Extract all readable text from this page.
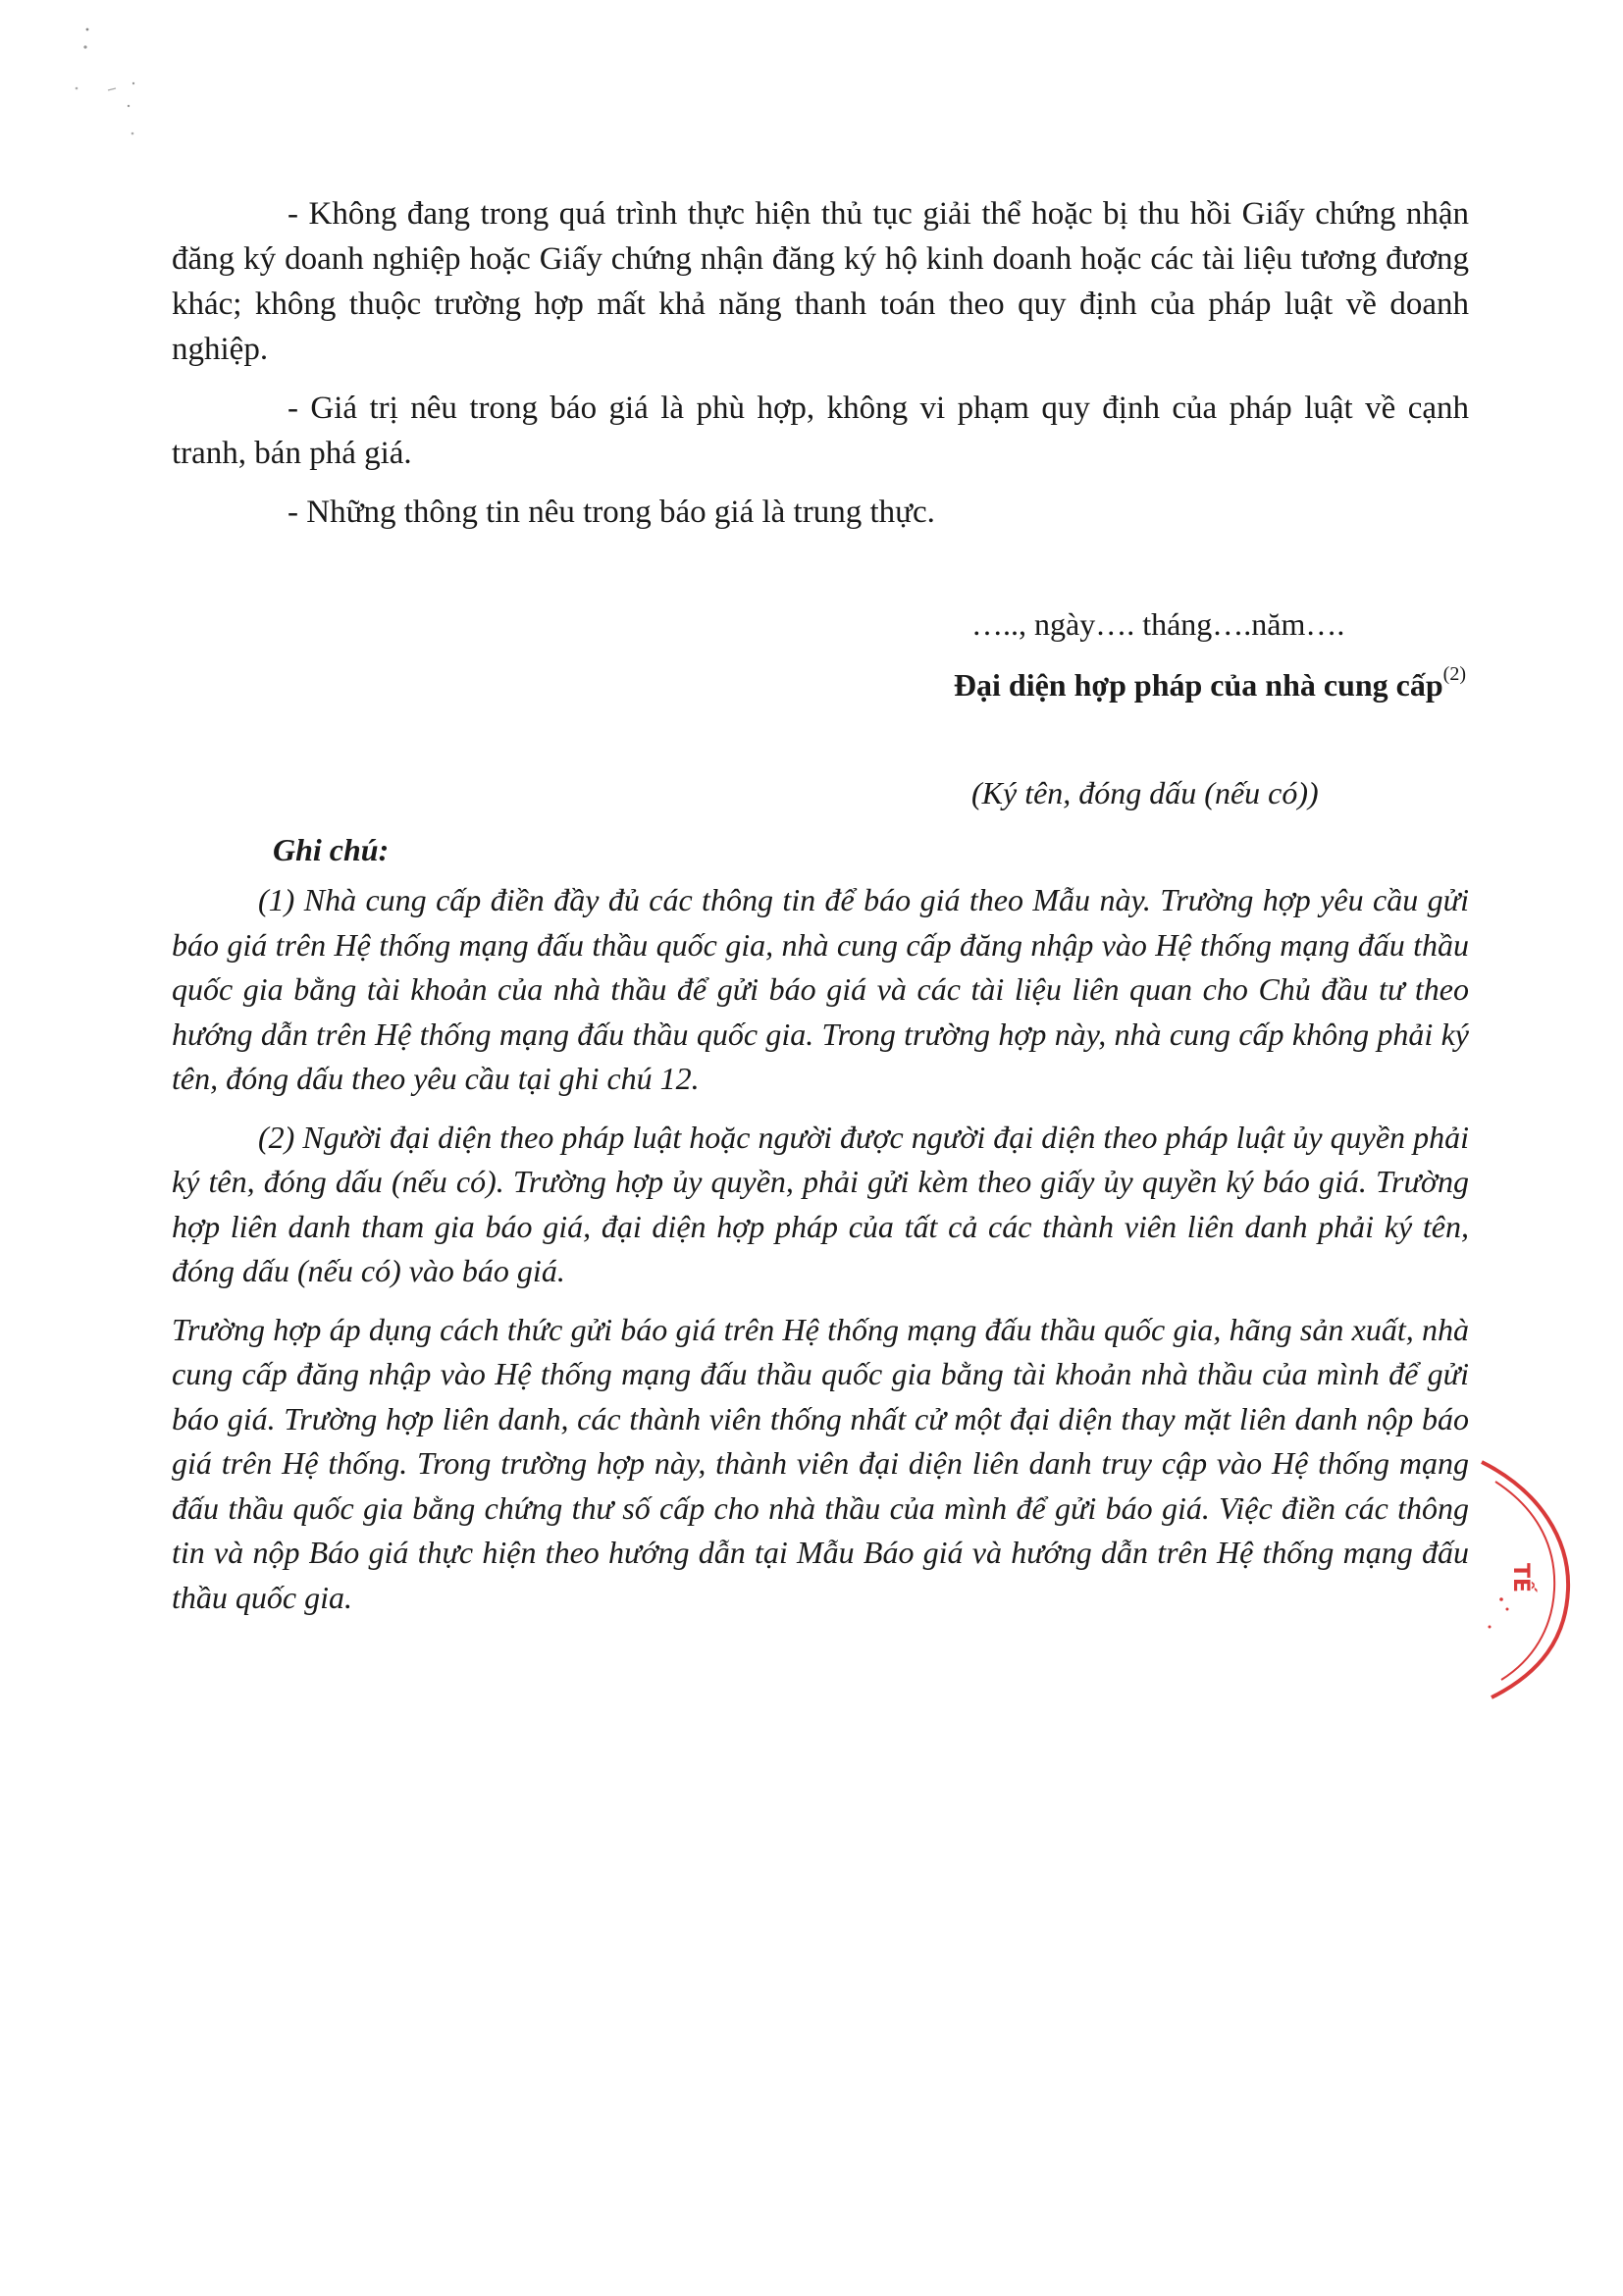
- Không đang trong quá trình thực hiện thủ tục giải thể hoặc bị thu hồi Giấy chứng nhận đăng ký doanh nghiệp hoặc Giấy chứng nhận đăng ký hộ kinh doanh hoặc các tài liệu tương đương khác; không thuộc trường hợp mất khả năng thanh toán theo quy định của pháp luật về doanh nghiệp.

- Giá trị nêu trong báo giá là phù hợp, không vi phạm quy định của pháp luật về cạnh tranh, bán phá giá.

- Những thông tin nêu trong báo giá là trung thực.

….., ngày…. tháng….năm….
Đại diện hợp pháp của nhà cung cấp$^{(2)}$
(Ký tên, đóng dấu (nếu có))
Ghi chú:

(1) Nhà cung cấp điền đầy đủ các thông tin để báo giá theo Mẫu này. Trường hợp yêu cầu gửi báo giá trên Hệ thống mạng đấu thầu quốc gia, nhà cung cấp đăng nhập vào Hệ thống mạng đấu thầu quốc gia bằng tài khoản của nhà thầu để gửi báo giá và các tài liệu liên quan cho Chủ đầu tư theo hướng dẫn trên Hệ thống mạng đấu thầu quốc gia. Trong trường hợp này, nhà cung cấp không phải ký tên, đóng dấu theo yêu cầu tại ghi chú 12.

(2) Người đại diện theo pháp luật hoặc người được người đại diện theo pháp luật ủy quyền phải ký tên, đóng dấu (nếu có). Trường hợp ủy quyền, phải gửi kèm theo giấy ủy quyền ký báo giá. Trường hợp liên danh tham gia báo giá, đại diện hợp pháp của tất cả các thành viên liên danh phải ký tên, đóng dấu (nếu có) vào báo giá.

Trường hợp áp dụng cách thức gửi báo giá trên Hệ thống mạng đấu thầu quốc gia, hãng sản xuất, nhà cung cấp đăng nhập vào Hệ thống mạng đấu thầu quốc gia bằng tài khoản nhà thầu của mình để gửi báo giá. Trường hợp liên danh, các thành viên thống nhất cử một đại diện thay mặt liên danh nộp báo giá trên Hệ thống. Trong trường hợp này, thành viên đại diện liên danh truy cập vào Hệ thống mạng đấu thầu quốc gia bằng chứng thư số cấp cho nhà thầu của mình để gửi báo giá. Việc điền các thông tin và nộp Báo giá thực hiện theo hướng dẫn tại Mẫu Báo giá và hướng dẫn trên Hệ thống mạng đấu thầu quốc gia.

TẾ
